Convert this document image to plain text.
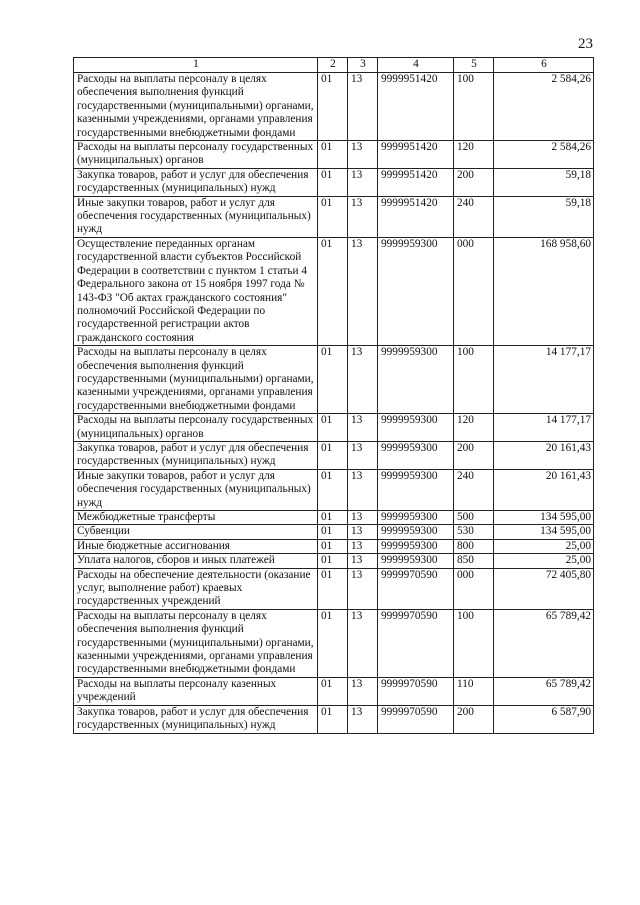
23
1	2	3	4	5	6
Расходы на выплаты персоналу в целях обеспечения выполнения функций государственными (муниципальными) органами, казенными учреждениями, органами управления государственными внебюджетными фондами	01	13	9999951420	100	2 584,26
Расходы на выплаты персоналу государственных (муниципальных) органов	01	13	9999951420	120	2 584,26
Закупка товаров, работ и услуг для обеспечения государственных (муниципальных) нужд	01	13	9999951420	200	59,18
Иные закупки товаров, работ и услуг для обеспечения государственных (муниципальных) нужд	01	13	9999951420	240	59,18
Осуществление переданных органам государственной власти субъектов Российской Федерации в соответствии с пунктом 1 статьи 4 Федерального закона от 15 ноября 1997 года № 143-ФЗ "Об актах гражданского состояния" полномочий Российской Федерации по государственной регистрации актов гражданского состояния	01	13	9999959300	000	168 958,60
Расходы на выплаты персоналу в целях обеспечения выполнения функций государственными (муниципальными) органами, казенными учреждениями, органами управления государственными внебюджетными фондами	01	13	9999959300	100	14 177,17
Расходы на выплаты персоналу государственных (муниципальных) органов	01	13	9999959300	120	14 177,17
Закупка товаров, работ и услуг для обеспечения государственных (муниципальных) нужд	01	13	9999959300	200	20 161,43
Иные закупки товаров, работ и услуг для обеспечения государственных (муниципальных) нужд	01	13	9999959300	240	20 161,43
Межбюджетные трансферты	01	13	9999959300	500	134 595,00
Субвенции	01	13	9999959300	530	134 595,00
Иные бюджетные ассигнования	01	13	9999959300	800	25,00
Уплата налогов, сборов и иных платежей	01	13	9999959300	850	25,00
Расходы на обеспечение деятельности (оказание услуг, выполнение работ) краевых государственных учреждений	01	13	9999970590	000	72 405,80
Расходы на выплаты персоналу в целях обеспечения выполнения функций государственными (муниципальными) органами, казенными учреждениями, органами управления государственными внебюджетными фондами	01	13	9999970590	100	65 789,42
Расходы на выплаты персоналу казенных учреждений	01	13	9999970590	110	65 789,42
Закупка товаров, работ и услуг для обеспечения государственных (муниципальных) нужд	01	13	9999970590	200	6 587,90
